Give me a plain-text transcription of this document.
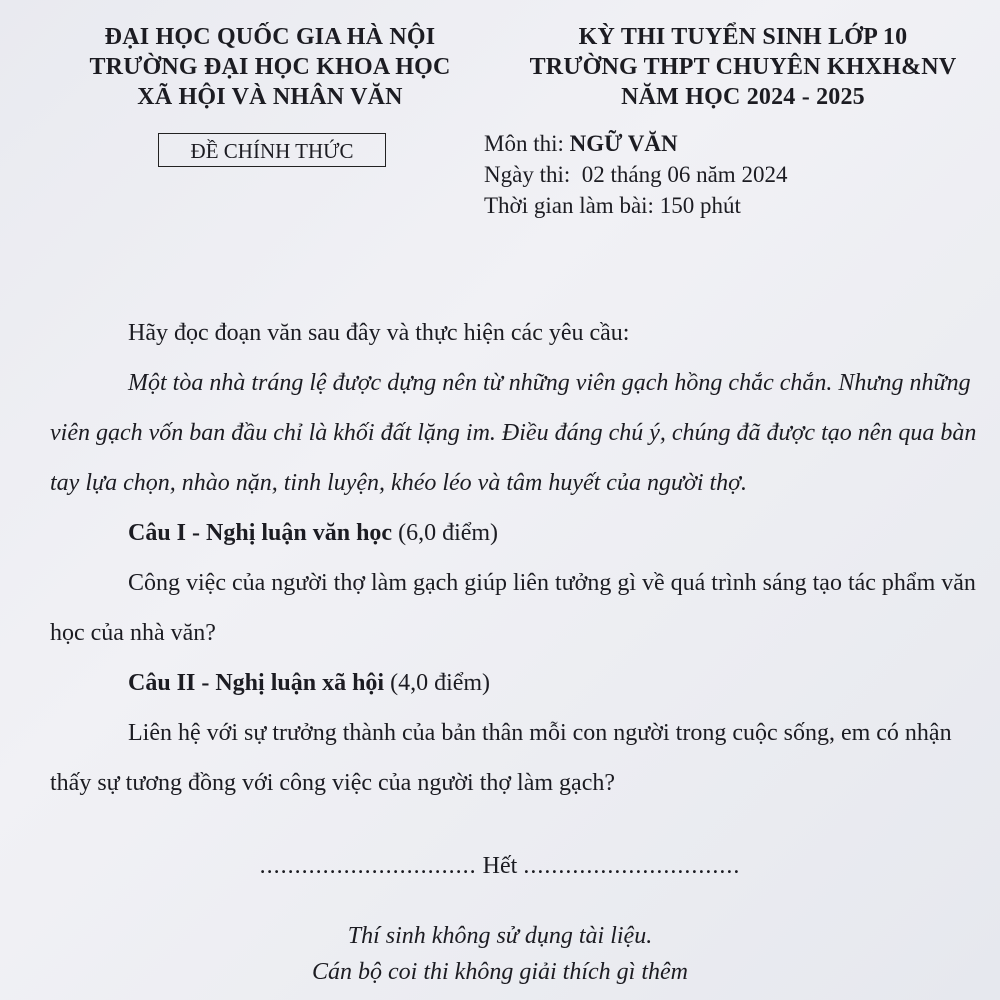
ĐẠI HỌC QUỐC GIA HÀ NỘI
TRƯỜNG ĐẠI HỌC KHOA HỌC
XÃ HỘI VÀ NHÂN VĂN
KỲ THI TUYỂN SINH LỚP 10
TRƯỜNG THPT CHUYÊN KHXH&NV
NĂM HỌC 2024 - 2025
ĐỀ CHÍNH THỨC	Môn thi: NGỮ VĂN
Ngày thi:  02 tháng 06 năm 2024
Thời gian làm bài: 150 phút

Hãy đọc đoạn văn sau đây và thực hiện các yêu cầu:

Một tòa nhà tráng lệ được dựng nên từ những viên gạch hồng chắc chắn. Nhưng những viên gạch vốn ban đầu chỉ là khối đất lặng im. Điều đáng chú ý, chúng đã được tạo nên qua bàn tay lựa chọn, nhào nặn, tinh luyện, khéo léo và tâm huyết của người thợ.

Câu I - Nghị luận văn học (6,0 điểm)

Công việc của người thợ làm gạch giúp liên tưởng gì về quá trình sáng tạo tác phẩm văn học của nhà văn?

Câu II - Nghị luận xã hội (4,0 điểm)

Liên hệ với sự trưởng thành của bản thân mỗi con người trong cuộc sống, em có nhận thấy sự tương đồng với công việc của người thợ làm gạch?

............................... Hết ...............................
Thí sinh không sử dụng tài liệu.
Cán bộ coi thi không giải thích gì thêm
